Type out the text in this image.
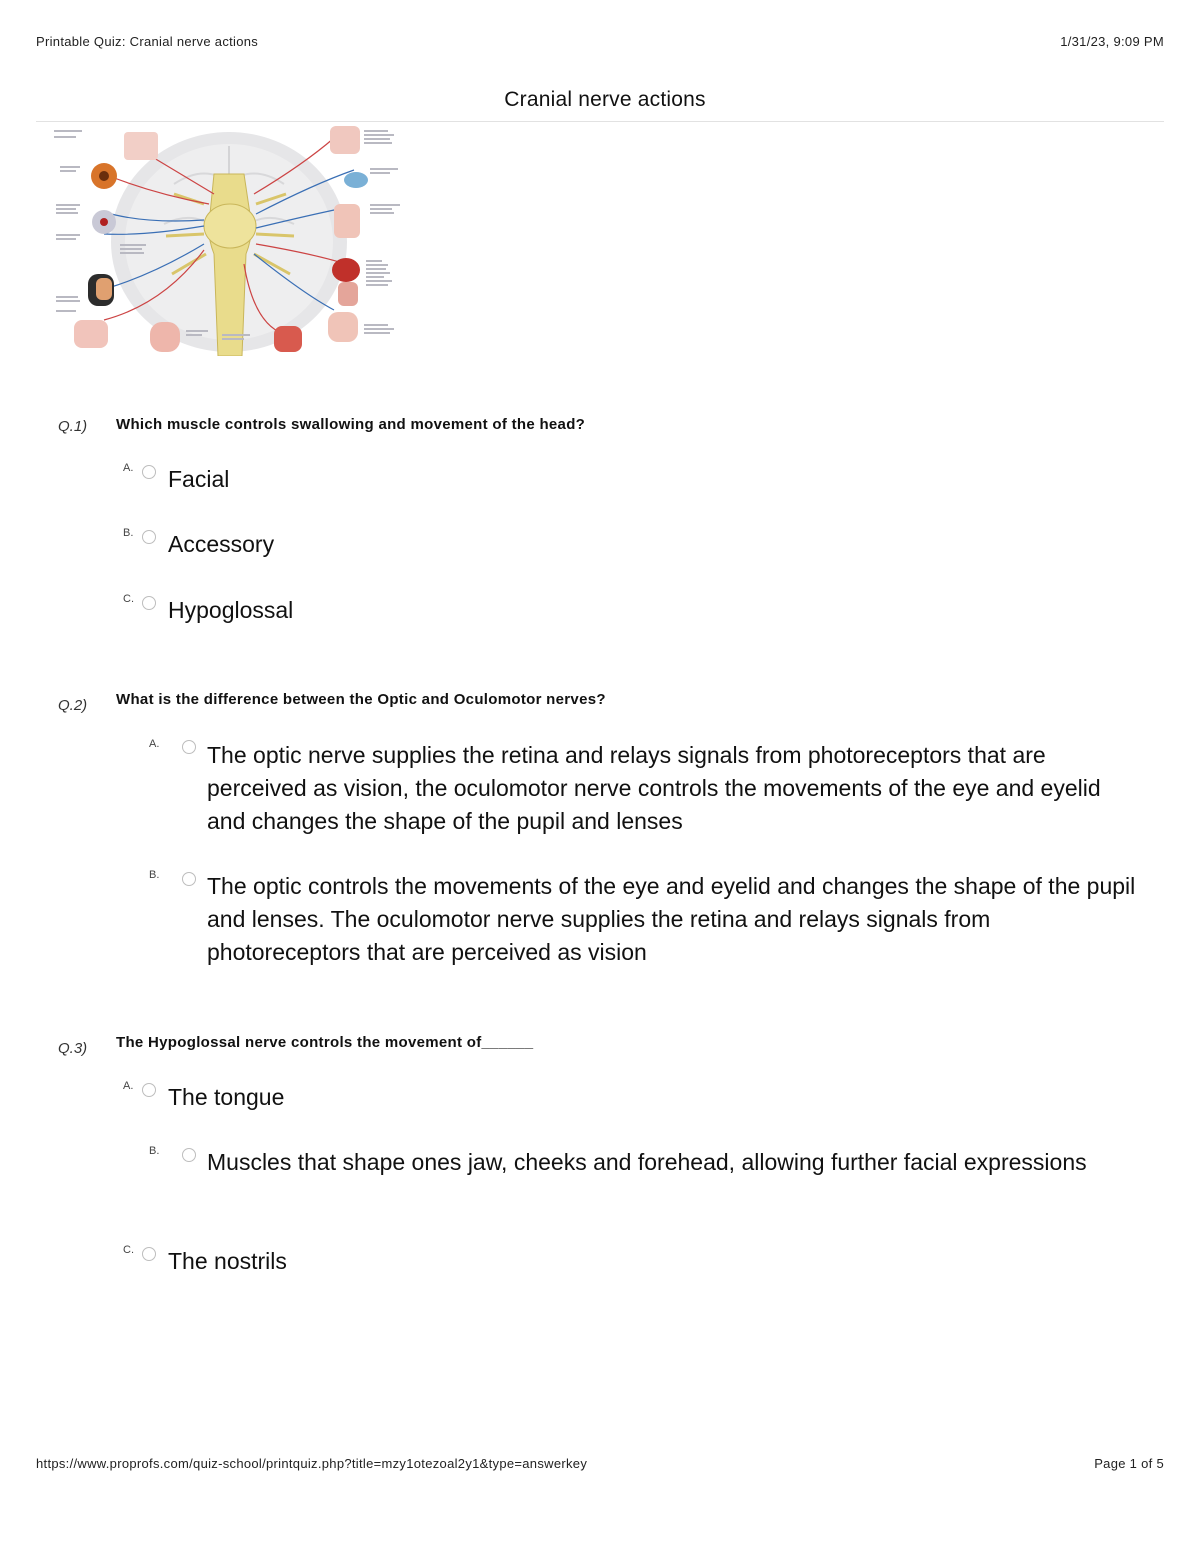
Printable Quiz: Cranial nerve actions	1/31/23, 9:09 PM
Cranial nerve actions
Q.1) Which muscle controls swallowing and movement of the head?
A. Facial
B. Accessory
C. Hypoglossal
Q.2) What is the difference between the Optic and Oculomotor nerves?
A. The optic nerve supplies the retina and relays signals from photoreceptors that are perceived as vision, the oculomotor nerve controls the movements of the eye and eyelid and changes the shape of the pupil and lenses
B. The optic controls the movements of the eye and eyelid and changes the shape of the pupil and lenses. The oculomotor nerve supplies the retina and relays signals from photoreceptors that are perceived as vision
Q.3) The Hypoglossal nerve controls the movement of______
A. The tongue
B. Muscles that shape ones jaw, cheeks and forehead, allowing further facial expressions
C. The nostrils
https://www.proprofs.com/quiz-school/printquiz.php?title=mzy1otezoal2y1&type=answerkey	Page 1 of 5
